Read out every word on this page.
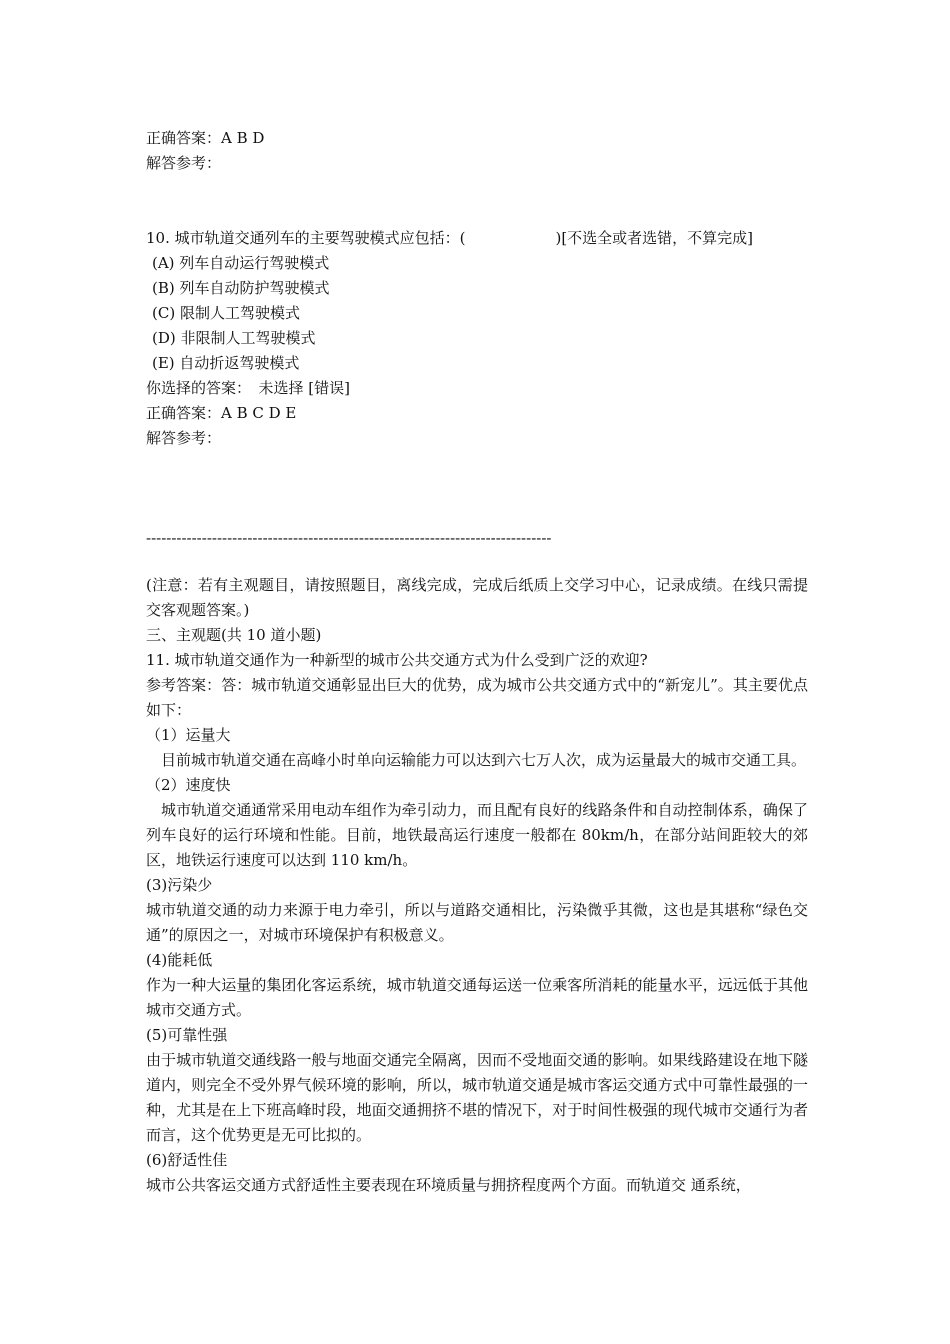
正确答案：A B D
解答参考：
10. 城市轨道交通列车的主要驾驶模式应包括：(　　　　　　)[不选全或者选错，不算完成]
(A) 列车自动运行驾驶模式
(B) 列车自动防护驾驶模式
(C) 限制人工驾驶模式
(D) 非限制人工驾驶模式
(E) 自动折返驾驶模式
你选择的答案：　未选择 [错误]
正确答案：A B C D E
解答参考：
--------------------------------------------------------------------------------
(注意：若有主观题目，请按照题目，离线完成，完成后纸质上交学习中心，记录成绩。在线只需提交客观题答案。)
三、主观题(共 10 道小题)
11. 城市轨道交通作为一种新型的城市公共交通方式为什么受到广泛的欢迎?
参考答案：答：城市轨道交通彰显出巨大的优势，成为城市公共交通方式中的“新宠儿”。其主要优点如下：
（1）运量大
　目前城市轨道交通在高峰小时单向运输能力可以达到六七万人次，成为运量最大的城市交通工具。
（2）速度快
　城市轨道交通通常采用电动车组作为牵引动力，而且配有良好的线路条件和自动控制体系，确保了列车良好的运行环境和性能。目前，地铁最高运行速度一般都在 80km/h，在部分站间距较大的郊区，地铁运行速度可以达到 110 km/h。
(3)污染少
城市轨道交通的动力来源于电力牵引，所以与道路交通相比，污染微乎其微，这也是其堪称“绿色交通”的原因之一，对城市环境保护有积极意义。
(4)能耗低
作为一种大运量的集团化客运系统，城市轨道交通每运送一位乘客所消耗的能量水平，远远低于其他城市交通方式。
(5)可靠性强
由于城市轨道交通线路一般与地面交通完全隔离，因而不受地面交通的影响。如果线路建设在地下隧道内，则完全不受外界气候环境的影响，所以，城市轨道交通是城市客运交通方式中可靠性最强的一种，尤其是在上下班高峰时段，地面交通拥挤不堪的情况下，对于时间性极强的现代城市交通行为者而言，这个优势更是无可比拟的。
(6)舒适性佳
城市公共客运交通方式舒适性主要表现在环境质量与拥挤程度两个方面。而轨道交 通系统，
